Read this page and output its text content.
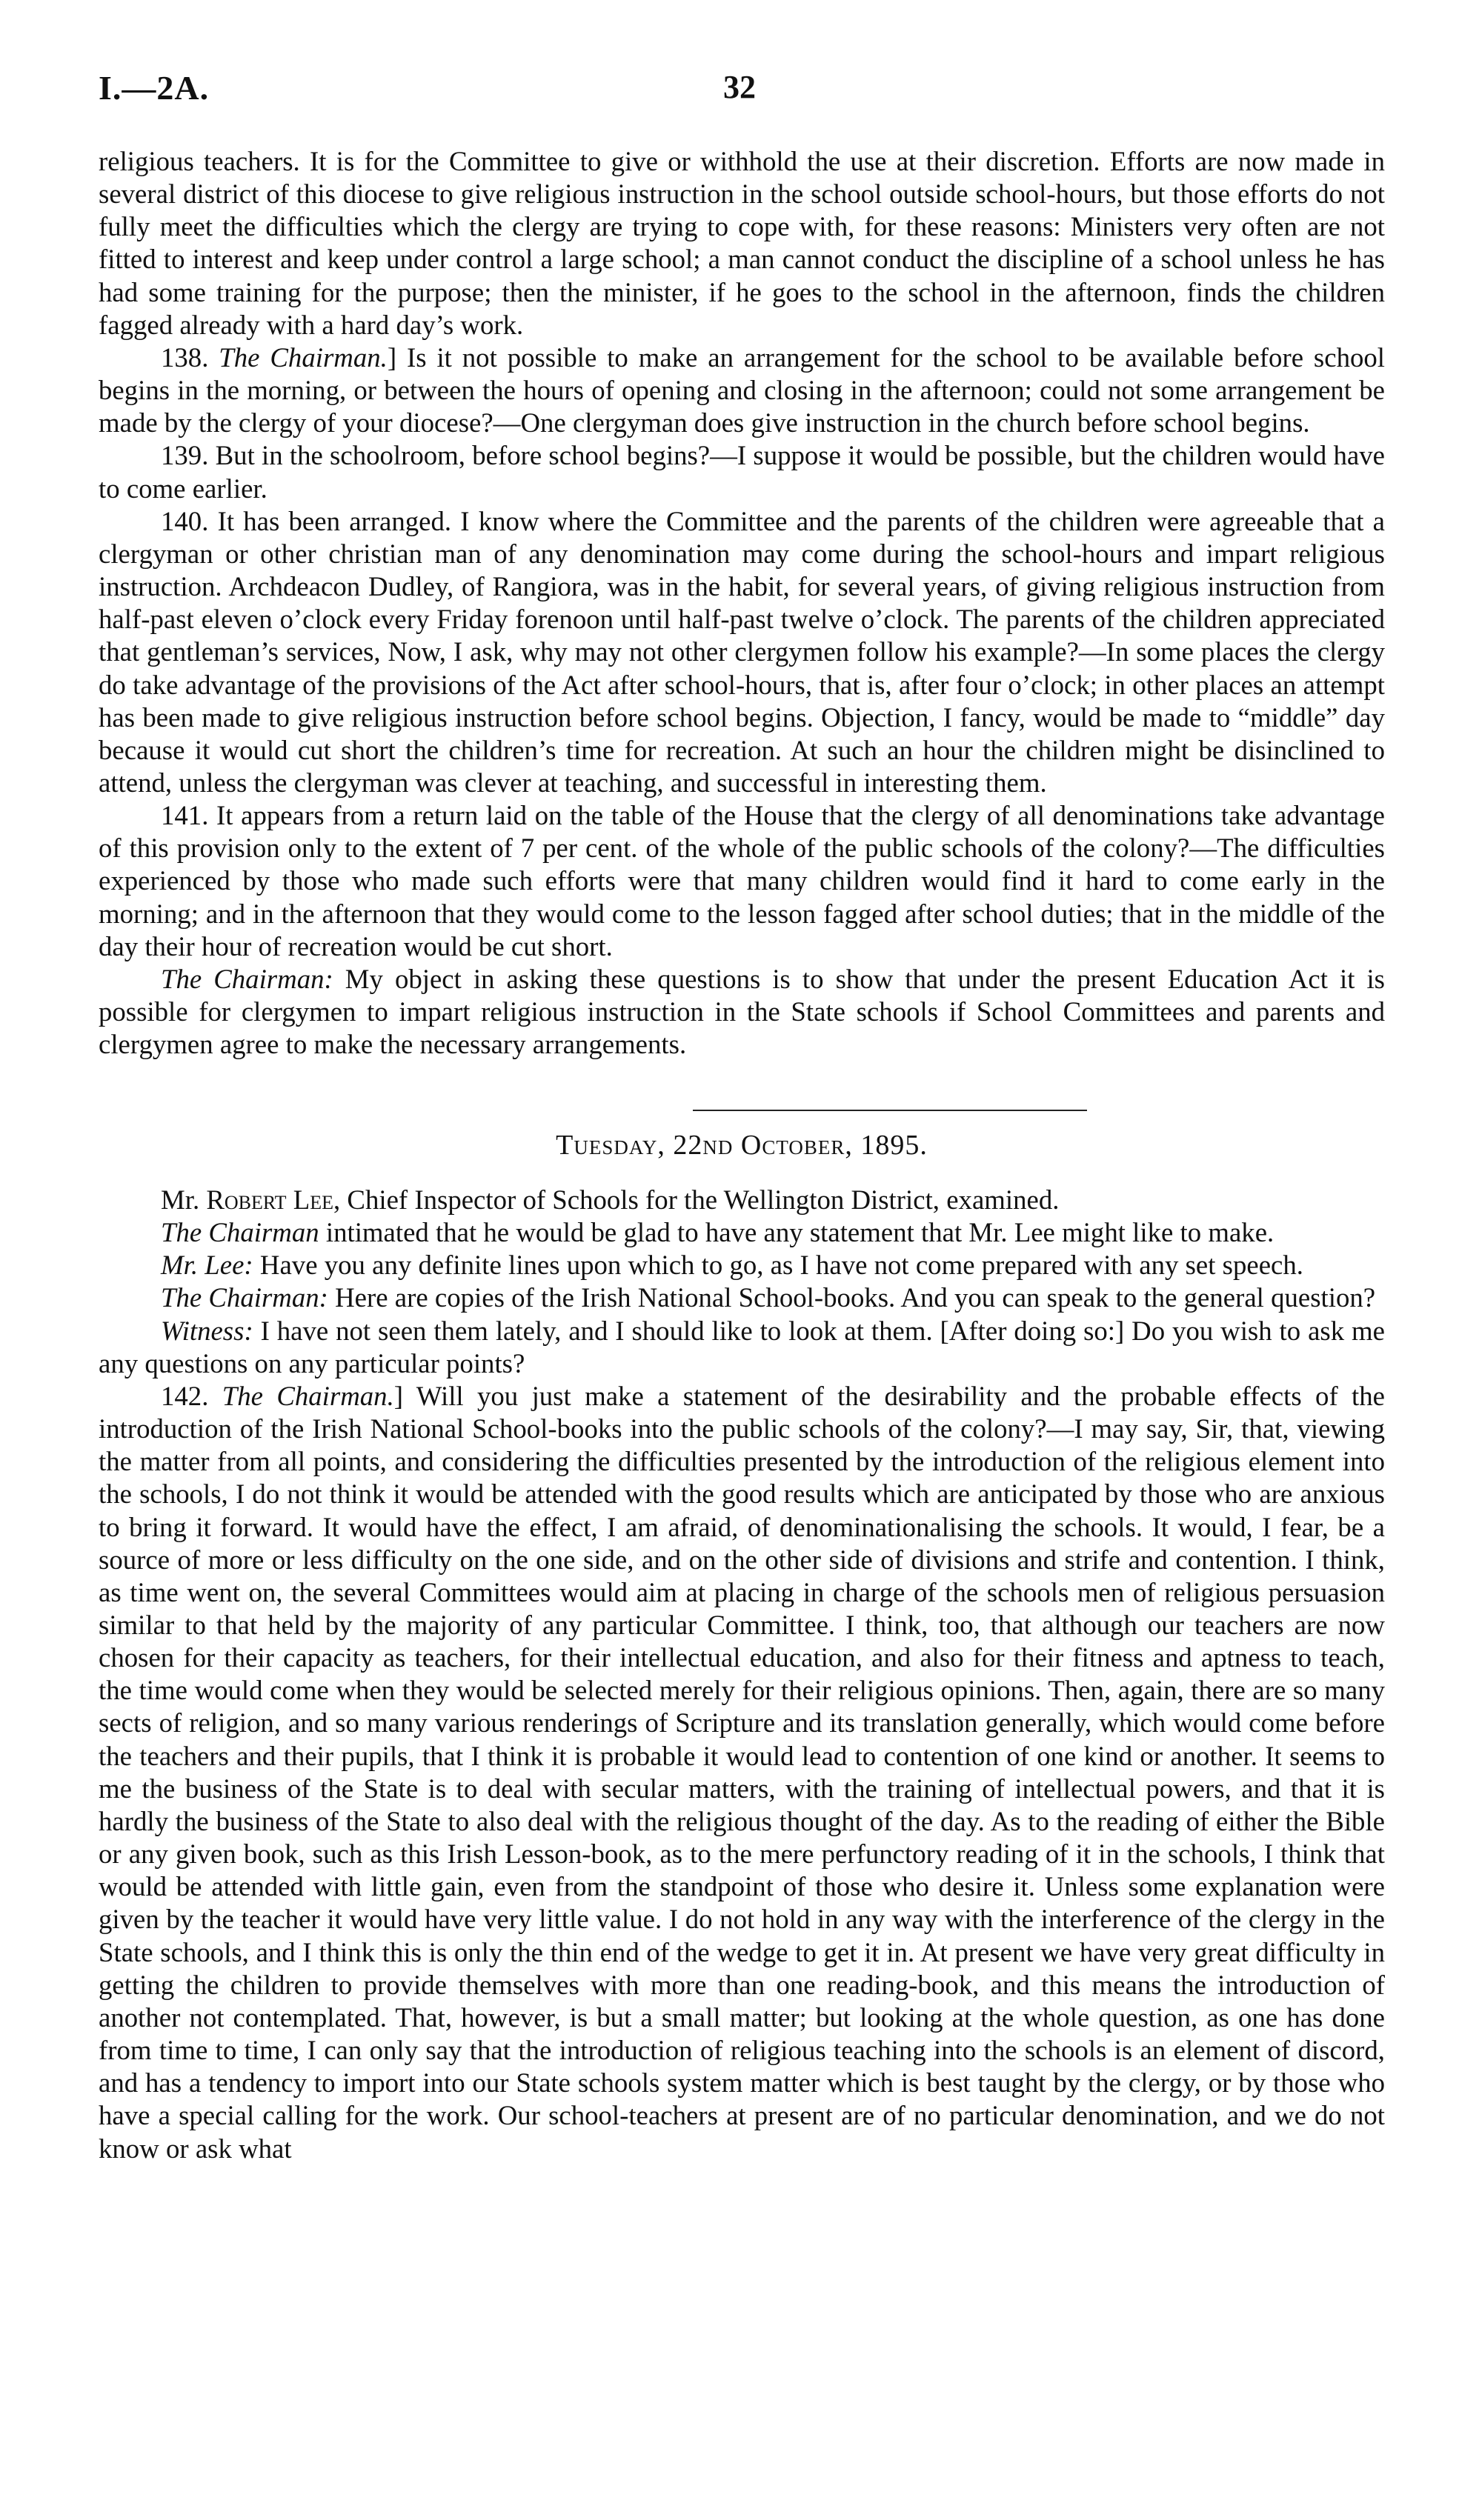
I.—2A.	32

religious teachers. It is for the Committee to give or withhold the use at their discretion. Efforts are now made in several district of this diocese to give religious instruction in the school outside school-hours, but those efforts do not fully meet the difficulties which the clergy are trying to cope with, for these reasons: Ministers very often are not fitted to interest and keep under control a large school; a man cannot conduct the discipline of a school unless he has had some training for the purpose; then the minister, if he goes to the school in the afternoon, finds the children fagged already with a hard day’s work.

138. The Chairman.] Is it not possible to make an arrangement for the school to be available before school begins in the morning, or between the hours of opening and closing in the afternoon; could not some arrangement be made by the clergy of your diocese?—One clergyman does give instruction in the church before school begins.

139. But in the schoolroom, before school begins?—I suppose it would be possible, but the children would have to come earlier.

140. It has been arranged. I know where the Committee and the parents of the children were agreeable that a clergyman or other christian man of any denomination may come during the school-hours and impart religious instruction. Archdeacon Dudley, of Rangiora, was in the habit, for several years, of giving religious instruction from half-past eleven o’clock every Friday forenoon until half-past twelve o’clock. The parents of the children appreciated that gentleman’s services, Now, I ask, why may not other clergymen follow his example?—In some places the clergy do take advantage of the provisions of the Act after school-hours, that is, after four o’clock; in other places an attempt has been made to give religious instruction before school begins. Objection, I fancy, would be made to “middle” day because it would cut short the children’s time for recreation. At such an hour the children might be disinclined to attend, unless the clergyman was clever at teaching, and successful in interesting them.

141. It appears from a return laid on the table of the House that the clergy of all denominations take advantage of this provision only to the extent of 7 per cent. of the whole of the public schools of the colony?—The difficulties experienced by those who made such efforts were that many children would find it hard to come early in the morning; and in the afternoon that they would come to the lesson fagged after school duties; that in the middle of the day their hour of recreation would be cut short.

The Chairman: My object in asking these questions is to show that under the present Education Act it is possible for clergymen to impart religious instruction in the State schools if School Committees and parents and clergymen agree to make the necessary arrangements.

Tuesday, 22nd October, 1895.

Mr. Robert Lee, Chief Inspector of Schools for the Wellington District, examined.

The Chairman intimated that he would be glad to have any statement that Mr. Lee might like to make.

Mr. Lee: Have you any definite lines upon which to go, as I have not come prepared with any set speech.

The Chairman: Here are copies of the Irish National School-books. And you can speak to the general question?

Witness: I have not seen them lately, and I should like to look at them. [After doing so:] Do you wish to ask me any questions on any particular points?

142. The Chairman.] Will you just make a statement of the desirability and the probable effects of the introduction of the Irish National School-books into the public schools of the colony?—I may say, Sir, that, viewing the matter from all points, and considering the difficulties presented by the introduction of the religious element into the schools, I do not think it would be attended with the good results which are anticipated by those who are anxious to bring it forward. It would have the effect, I am afraid, of denominationalising the schools. It would, I fear, be a source of more or less difficulty on the one side, and on the other side of divisions and strife and contention. I think, as time went on, the several Committees would aim at placing in charge of the schools men of religious persuasion similar to that held by the majority of any particular Committee. I think, too, that although our teachers are now chosen for their capacity as teachers, for their intellectual education, and also for their fitness and aptness to teach, the time would come when they would be selected merely for their religious opinions. Then, again, there are so many sects of religion, and so many various renderings of Scripture and its translation generally, which would come before the teachers and their pupils, that I think it is probable it would lead to contention of one kind or another. It seems to me the business of the State is to deal with secular matters, with the training of intellectual powers, and that it is hardly the business of the State to also deal with the religious thought of the day. As to the reading of either the Bible or any given book, such as this Irish Lesson-book, as to the mere perfunctory reading of it in the schools, I think that would be attended with little gain, even from the standpoint of those who desire it. Unless some explanation were given by the teacher it would have very little value. I do not hold in any way with the interference of the clergy in the State schools, and I think this is only the thin end of the wedge to get it in. At present we have very great difficulty in getting the children to provide themselves with more than one reading-book, and this means the introduction of another not contemplated. That, however, is but a small matter; but looking at the whole question, as one has done from time to time, I can only say that the introduction of religious teaching into the schools is an element of discord, and has a tendency to import into our State schools system matter which is best taught by the clergy, or by those who have a special calling for the work. Our school-teachers at present are of no particular denomination, and we do not know or ask what
